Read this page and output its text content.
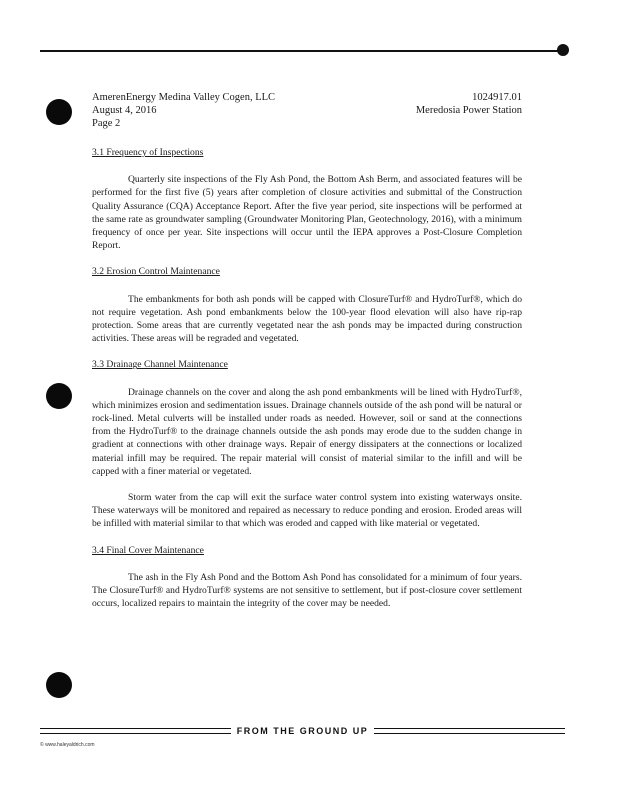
AmerenEnergy Medina Valley Cogen, LLC	1024917.01
August 4, 2016	Meredosia Power Station
Page 2
3.1 Frequency of Inspections

Quarterly site inspections of the Fly Ash Pond, the Bottom Ash Berm, and associated features will be performed for the first five (5) years after completion of closure activities and submittal of the Construction Quality Assurance (CQA) Acceptance Report. After the five year period, site inspections will be performed at the same rate as groundwater sampling (Groundwater Monitoring Plan, Geotechnology, 2016), with a minimum frequency of once per year. Site inspections will occur until the IEPA approves a Post-Closure Completion Report.

3.2 Erosion Control Maintenance

The embankments for both ash ponds will be capped with ClosureTurf® and HydroTurf®, which do not require vegetation. Ash pond embankments below the 100-year flood elevation will also have rip-rap protection. Some areas that are currently vegetated near the ash ponds may be impacted during construction activities. These areas will be regraded and vegetated.

3.3 Drainage Channel Maintenance

Drainage channels on the cover and along the ash pond embankments will be lined with HydroTurf®, which minimizes erosion and sedimentation issues. Drainage channels outside of the ash pond will be natural or rock-lined. Metal culverts will be installed under roads as needed. However, soil or sand at the connections from the HydroTurf® to the drainage channels outside the ash ponds may erode due to the sudden change in gradient at connections with other drainage ways. Repair of energy dissipaters at the connections or localized material infill may be required. The repair material will consist of material similar to the infill and will be capped with a finer material or vegetated.

Storm water from the cap will exit the surface water control system into existing waterways onsite. These waterways will be monitored and repaired as necessary to reduce ponding and erosion. Eroded areas will be infilled with material similar to that which was eroded and capped with like material or vegetated.

3.4 Final Cover Maintenance

The ash in the Fly Ash Pond and the Bottom Ash Pond has consolidated for a minimum of four years. The ClosureTurf® and HydroTurf® systems are not sensitive to settlement, but if post-closure cover settlement occurs, localized repairs to maintain the integrity of the cover may be needed.

FROM THE GROUND UP
© www.haleyaldrich.com
